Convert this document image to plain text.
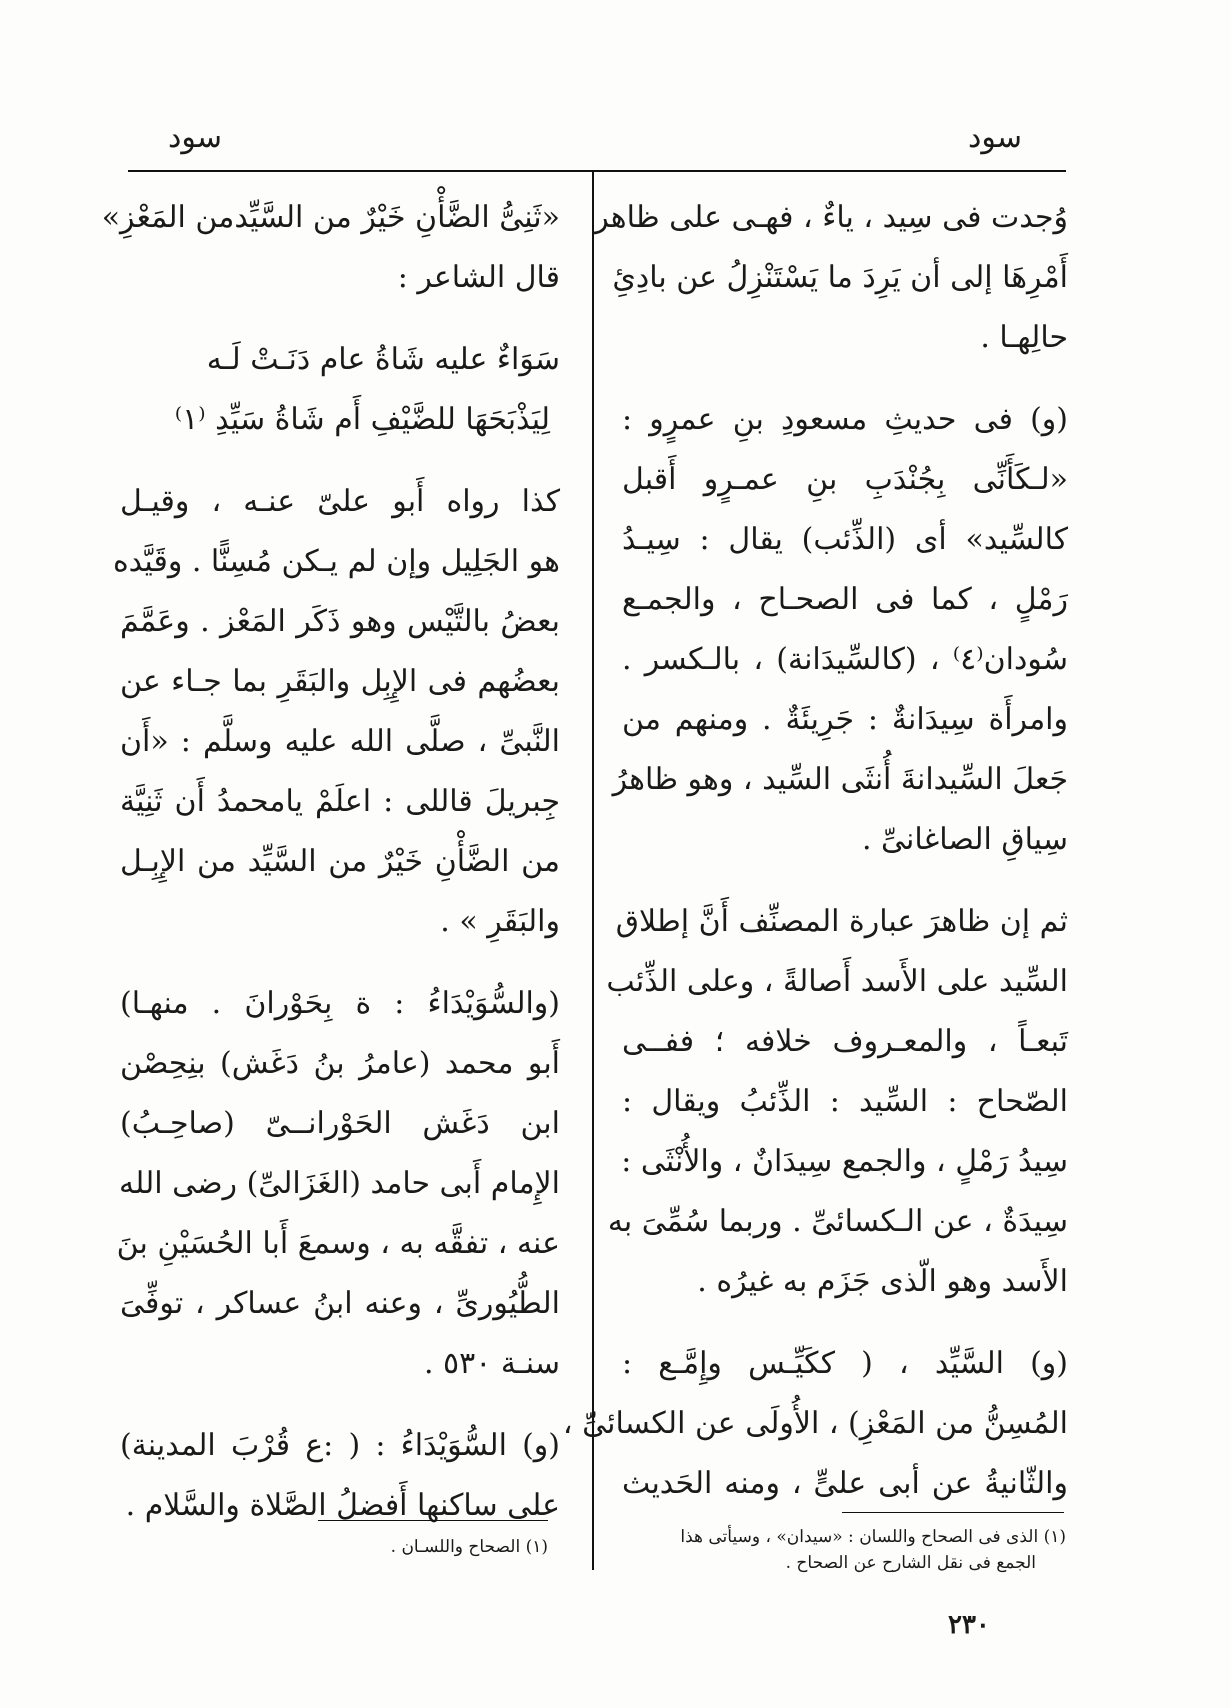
سود	سود
وُجدت فى سِيد ، ياءٌ ، فهـى على ظاهر
أَمْرِهَا إلى أن يَرِدَ ما يَسْتَنْزِلُ عن بادِئِ
حالِهـا .
(و) فى حديثِ مسعودِ بنِ عمرٍو :
«لـكَأَنِّى بِجُنْدَبِ بنِ عمـرٍو أَقبل
كالسِّيد» أى (الذِّئب) يقال : سِيـدُ
رَمْلٍ ، كما فى الصحـاح ، والجمـع
سُودان⁽٤⁾ ، (كالسِّيدَانة) ، بالـكسر .
وامرأَة سِيدَانةٌ : جَرِيئَةٌ . ومنهم من
جَعلَ السِّيدانةَ أُنثَى السِّيد ، وهو ظاهرُ
سِياقِ الصاغانىِّ .
ثم إن ظاهرَ عبارة المصنِّف أَنَّ إطلاق
السِّيد على الأَسد أَصالةً ، وعلى الذِّئب
تَبعـاً ، والمعـروف خلافه ؛ ففــى
الصّحاح : السِّيد : الذِّئبُ ويقال :
سِيدُ رَمْلٍ ، والجمع سِيدَانٌ ، والأُنْثَى :
سِيدَةٌ ، عن الـكسائىِّ . وربما سُمِّىَ به
الأَسد وهو الّذى جَزَم به غيرُه .
(و) السَّيِّد ، ( ككَيِّـس وإِمَّـع :
المُسِنُّ من المَعْزِ) ، الأُولَى عن الكسائىِّ ،
والثّانيةُ عن أبى علىٍّ ، ومنه الحَديث
«ثَنِىُّ الضَّأْنِ خَيْرٌ من السَّيِّدمن المَعْزِ»
قال الشاعر :
سَوَاءٌ عليه شَاةُ عام دَنَـتْ لَـه
لِيَذْبَحَهَا للضَّيْفِ أَم شَاةُ سَيِّدِ ⁽١⁾
كذا رواه أَبو علىّ عنـه ، وقيـل
هو الجَلِيل وإن لم يـكن مُسِنًّا . وقَيَّده
بعضُ بالتَّيْس وهو ذَكَر المَعْز . وعَمَّمَ
بعضُهم فى الإِبِل والبَقَرِ بما جـاء عن
النَّبىِّ ، صلَّى الله عليه وسلَّم : «أَن
جِبريلَ قاللى : اعلَمْ يامحمدُ أَن ثَنِيَّة
من الضَّأْنِ خَيْرٌ من السَّيِّد من الإِبِـل
والبَقَرِ » .
(والسُّوَيْدَاءُ : ة بِحَوْرانَ . منهـا)
أَبو محمد (عامرُ بنُ دَغَش) بنِحِصْن
ابن دَغَش الحَوْرانــىّ (صاحِـبُ)
الإِمام أَبى حامد (الغَزَالىِّ) رضى الله
عنه ، تفقَّه به ، وسمعَ أَبا الحُسَيْنِ بنَ
الطُّيُورىِّ ، وعنه ابنُ عساكر ، توفِّىَ
سنـة ٥٣٠ .
(و) السُّوَيْدَاءُ : ( :ع قُرْبَ المدينة)
على ساكنها أَفضلُ الصَّلاة والسَّلام .
(١) الذى فى الصحاح واللسان : «سيدان» ، وسيأتى هذا
الجمع فى نقل الشارح عن الصحاح .
(١) الصحاح واللسـان .
٢٣٠
